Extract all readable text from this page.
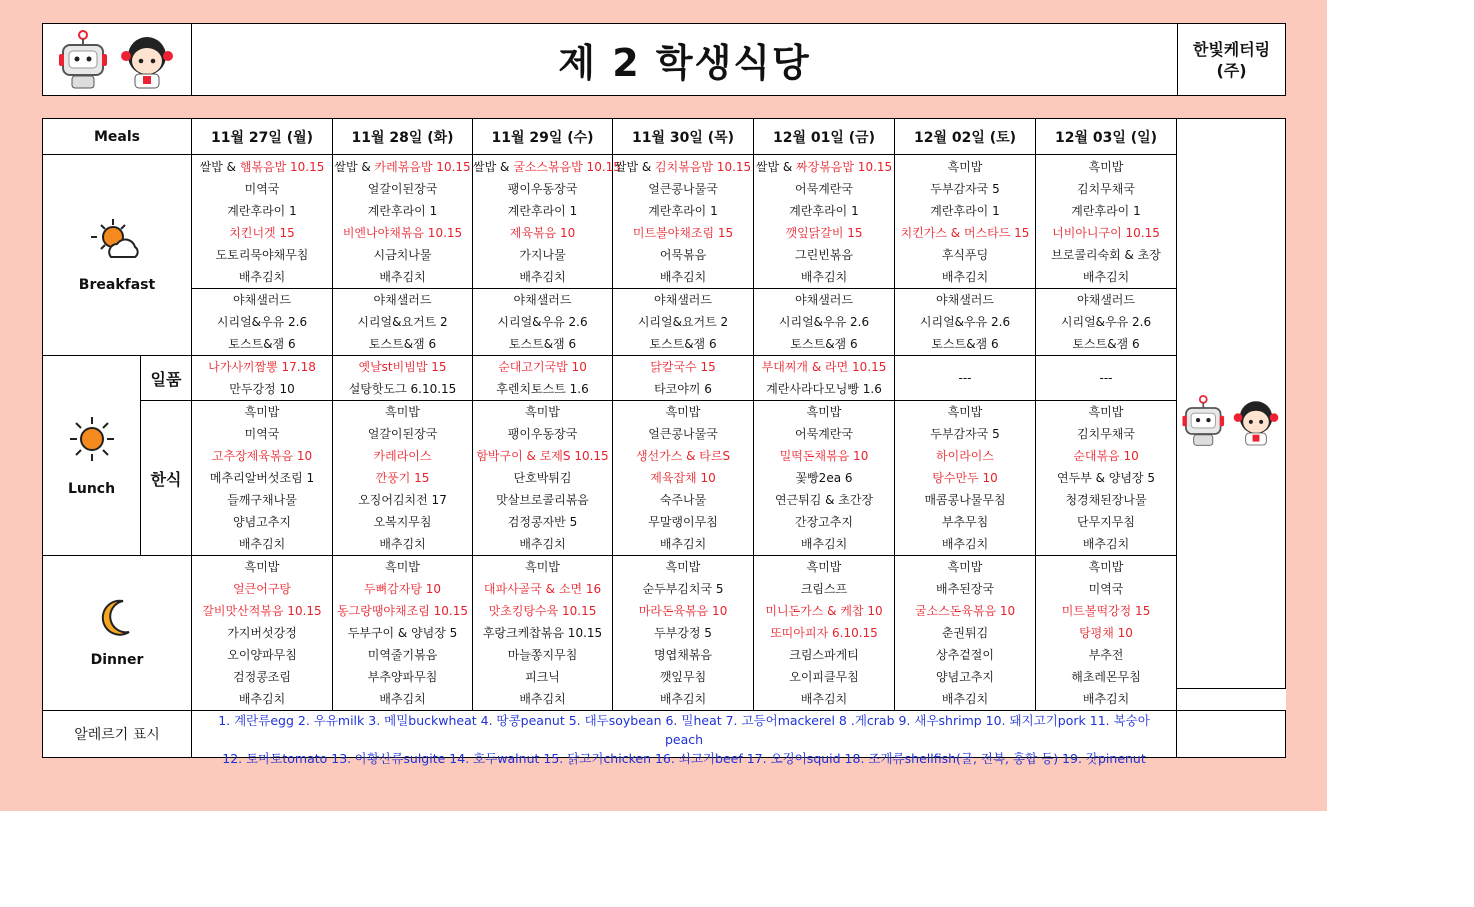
	제 2 학생식당	한빛케터링
(주)
Meals		11월 27일 (월)	11월 28일 (화)	11월 29일 (수)	11월 30일 (목)	12월 01일 (금)	12월 02일 (토)	12월 03일 (일)	

Breakfast		쌀밥 & 햄볶음밥 10.15	쌀밥 & 카레볶음밥 10.15	쌀밥 & 굴소스볶음밥 10.15	쌀밥 & 김치볶음밥 10.15	쌀밥 & 짜장볶음밥 10.15	흑미밥	흑미밥	

		미역국	얼갈이된장국	팽이우동장국	얼큰콩나물국	어묵계란국	두부감자국 5	김치무채국	
		계란후라이 1	계란후라이 1	계란후라이 1	계란후라이 1	계란후라이 1	계란후라이 1	계란후라이 1	
		치킨너겟 15	비엔나야채볶음 10.15	제육볶음 10	미트볼야채조림 15	깻잎닭갈비 15	치킨가스 & 머스타드 15	너비아니구이 10.15	
		도토리묵야채무침	시금치나물	가지나물	어묵볶음	그린빈볶음	후식푸딩	브로콜리숙회 & 초장	
		배추김치	배추김치	배추김치	배추김치	배추김치	배추김치	배추김치	
		야채샐러드	야채샐러드	야채샐러드	야채샐러드	야채샐러드	야채샐러드	야채샐러드	
		시리얼&우유 2.6	시리얼&요거트 2	시리얼&우유 2.6	시리얼&요거트 2	시리얼&우유 2.6	시리얼&우유 2.6	시리얼&우유 2.6	
		토스트&잼 6	토스트&잼 6	토스트&잼 6	토스트&잼 6	토스트&잼 6	토스트&잼 6	토스트&잼 6	

Lunch	일품	나가사끼짬뽕 17.18	옛날st비빔밥 15	순대고기국밥 10	닭칼국수 15	부대찌개 & 라면 10.15	---	---	
		만두강정 10	설탕핫도그 6.10.15	후렌치토스트 1.6	타코야끼 6	계란사라다모닝빵 1.6			
	한식	흑미밥	흑미밥	흑미밥	흑미밥	흑미밥	흑미밥	흑미밥	
		미역국	얼갈이된장국	팽이우동장국	얼큰콩나물국	어묵계란국	두부감자국 5	김치무채국	
		고추장제육볶음 10	카레라이스	함박구이 & 로제S 10.15	생선가스 & 타르S	밀떡돈채볶음 10	하이라이스	순대볶음 10	
		메추리알버섯조림 1	깐풍기 15	단호박튀김	제육잡채 10	꽃빵2ea 6	탕수만두 10	연두부 & 양념장 5	
		들깨구채나물	오징어김치전 17	맛살브로콜리볶음	숙주나물	연근튀김 & 초간장	매콤콩나물무침	청경채된장나물	
		양념고추지	오복지무침	검정콩자반 5	무말랭이무침	간장고추지	부추무침	단무지무침	
		배추김치	배추김치	배추김치	배추김치	배추김치	배추김치	배추김치	

Dinner		흑미밥	흑미밥	흑미밥	흑미밥	흑미밥	흑미밥	흑미밥	
		얼큰어구탕	두뼈감자탕 10	대파사골국 & 소면 16	순두부김치국 5	크림스프	배추된장국	미역국	
		갈비맛산적볶음 10.15	동그랑땡야채조림 10.15	맛초킹탕수육 10.15	마라돈육볶음 10	미니돈가스 & 케찹 10	굴소스돈육볶음 10	미트볼떡강정 15	
		가지버섯강정	두부구이 & 양념장 5	후랑크케찹볶음 10.15	두부강정 5	또띠아피자 6.10.15	춘권튀김	탕평채 10	
		오이양파무침	미역줄기볶음	마늘쫑지무침	명엽채볶음	크림스파게티	상추겉절이	부추전	
		검정콩조림	부추양파무침	피크닉	깻잎무침	오이피클무침	양념고추지	해초레몬무침	
		배추김치	배추김치	배추김치	배추김치	배추김치	배추김치	배추김치	
알레르기 표시		1. 계란류egg 2. 우유milk 3. 메밀buckwheat 4. 땅콩peanut 5. 대두soybean 6. 밀heat 7. 고등어mackerel 8 .게crab 9. 새우shrimp 10. 돼지고기pork 11. 복숭아
peach
12. 토마토tomato 13. 아황산류sulgite 14. 호두walnut 15. 닭고기chicken 16. 쇠고기beef 17. 오징어squid 18. 조개류shellfish(굴, 전복, 홍합 등) 19. 잣pinenut							
